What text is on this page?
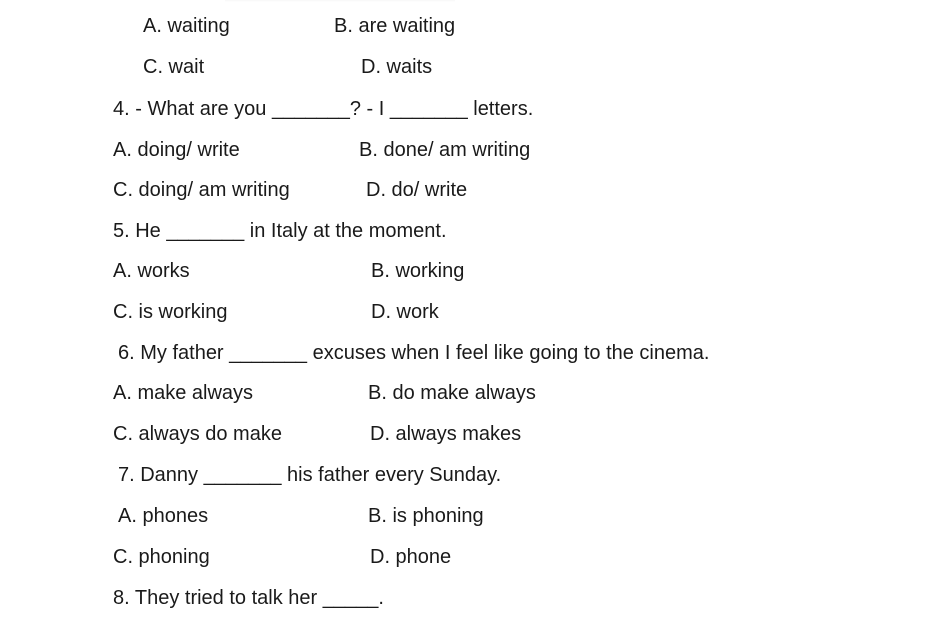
A. waiting	B. are waiting
C. wait	D. waits
4. - What are you _______? - I _______ letters.
A. doing/ write	B. done/ am writing
C. doing/ am writing	D. do/ write
5. He _______ in Italy at the moment.
A. works	B. working
C. is working	D. work
6. My father _______ excuses when I feel like going to the cinema.
A. make always	B. do make always
C. always do make	D. always makes
7. Danny _______ his father every Sunday.
A. phones	B. is phoning
C. phoning	D. phone
8. They tried to talk her _____.
